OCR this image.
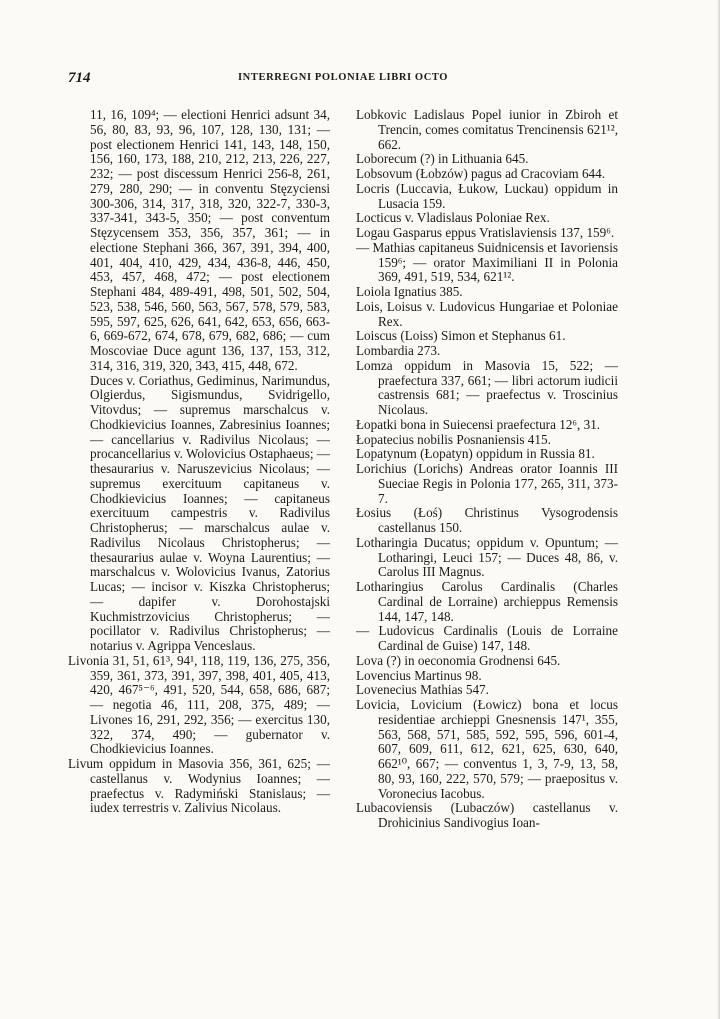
714	INTERREGNI POLONIAE LIBRI OCTO

11, 16, 109⁴; — electioni Henrici adsunt 34, 56, 80, 83, 93, 96, 107, 128, 130, 131; — post electionem Henrici 141, 143, 148, 150, 156, 160, 173, 188, 210, 212, 213, 226, 227, 232; — post discessum Henrici 256-8, 261, 279, 280, 290; — in conventu Stęzyciensi 300-306, 314, 317, 318, 320, 322-7, 330-3, 337-341, 343-5, 350; — post conventum Stęzycensem 353, 356, 357, 361; — in electione Stephani 366, 367, 391, 394, 400, 401, 404, 410, 429, 434, 436-8, 446, 450, 453, 457, 468, 472; — post electionem Stephani 484, 489-491, 498, 501, 502, 504, 523, 538, 546, 560, 563, 567, 578, 579, 583, 595, 597, 625, 626, 641, 642, 653, 656, 663-6, 669-672, 674, 678, 679, 682, 686; — cum Moscoviae Duce agunt 136, 137, 153, 312, 314, 316, 319, 320, 343, 415, 448, 672.

Duces v. Coriathus, Gediminus, Narimundus, Olgierdus, Sigismundus, Svidrigello, Vitovdus; — supremus marschalcus v. Chodkievicius Ioannes, Zabresinius Ioannes; — cancellarius v. Radivilus Nicolaus; — procancellarius v. Wolovicius Ostaphaeus; — thesaurarius v. Naruszevicius Nicolaus; — supremus exercituum capitaneus v. Chodkievicius Ioannes; — capitaneus exercituum campestris v. Radivilus Christopherus; — marschalcus aulae v. Radivilus Nicolaus Christopherus; — thesaurarius aulae v. Woyna Laurentius; — marschalcus v. Wolovicius Ivanus, Zatorius Lucas; — incisor v. Kiszka Christopherus; — dapifer v. Dorohostajski Kuchmistrzovicius Christopherus; — pocillator v. Radivilus Christopherus; — notarius v. Agrippa Venceslaus.

Livonia 31, 51, 61³, 94¹, 118, 119, 136, 275, 356, 359, 361, 373, 391, 397, 398, 401, 405, 413, 420, 467⁵⁻⁶, 491, 520, 544, 658, 686, 687; — negotia 46, 111, 208, 375, 489; — Livones 16, 291, 292, 356; — exercitus 130, 322, 374, 490; — gubernator v. Chodkievicius Ioannes.

Livum oppidum in Masovia 356, 361, 625; — castellanus v. Wodynius Ioannes; — praefectus v. Radymiński Stanislaus; — iudex terrestris v. Zalivius Nicolaus.

Lobkovic Ladislaus Popel iunior in Zbiroh et Trencin, comes comitatus Trencinensis 621¹², 662.

Loborecum (?) in Lithuania 645.

Lobsovum (Łobzów) pagus ad Cracoviam 644.

Locris (Luccavia, Łukow, Luckau) oppidum in Lusacia 159.

Locticus v. Vladislaus Poloniae Rex.

Logau Gasparus eppus Vratislaviensis 137, 159⁶.

— Mathias capitaneus Suidnicensis et Iavoriensis 159⁶; — orator Maximiliani II in Polonia 369, 491, 519, 534, 621¹².

Loiola Ignatius 385.

Lois, Loisus v. Ludovicus Hungariae et Poloniae Rex.

Loiscus (Loiss) Simon et Stephanus 61.

Lombardia 273.

Lomza oppidum in Masovia 15, 522; — praefectura 337, 661; — libri actorum iudicii castrensis 681; — praefectus v. Troscinius Nicolaus.

Łopatki bona in Suiecensi praefectura 12⁶, 31.

Łopatecius nobilis Posnaniensis 415.

Lopatynum (Łopatyn) oppidum in Russia 81.

Lorichius (Lorichs) Andreas orator Ioannis III Sueciae Regis in Polonia 177, 265, 311, 373-7.

Łosius (Łoś) Christinus Vysogrodensis castellanus 150.

Lotharingia Ducatus; oppidum v. Opuntum; — Lotharingi, Leuci 157; — Duces 48, 86, v. Carolus III Magnus.

Lotharingius Carolus Cardinalis (Charles Cardinal de Lorraine) archieppus Remensis 144, 147, 148.

— Ludovicus Cardinalis (Louis de Lorraine Cardinal de Guise) 147, 148.

Lova (?) in oeconomia Grodnensi 645.

Lovencius Martinus 98.

Lovenecius Mathias 547.

Lovicia, Lovicium (Łowicz) bona et locus residentiae archieppi Gnesnensis 147¹, 355, 563, 568, 571, 585, 592, 595, 596, 601-4, 607, 609, 611, 612, 621, 625, 630, 640, 662¹⁰, 667; — conventus 1, 3, 7-9, 13, 58, 80, 93, 160, 222, 570, 579; — praepositus v. Voronecius Iacobus.

Lubacoviensis (Lubaczów) castellanus v. Drohicinius Sandivogius Ioan-
